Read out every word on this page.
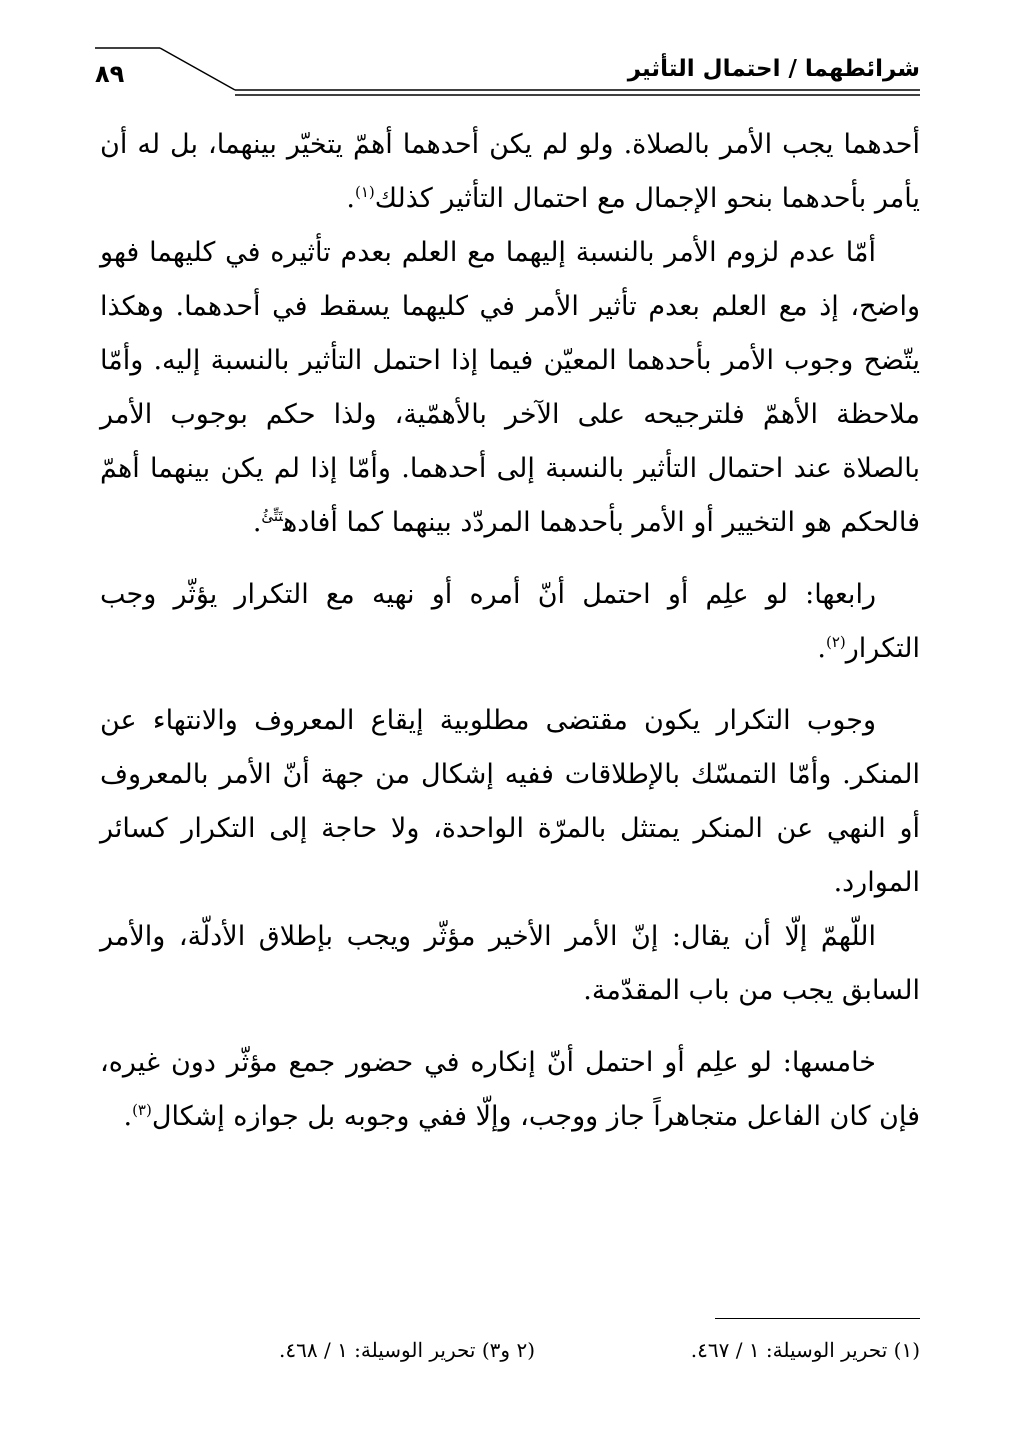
٨٩	شرائطهما / احتمال التأثير

أحدهما يجب الأمر بالصلاة. ولو لم يكن أحدهما أهمّ يتخيّر بينهما، بل له أن يأمر بأحدهما بنحو الإجمال مع احتمال التأثير كذلك$^{(١)}$.

أمّا عدم لزوم الأمر بالنسبة إليهما مع العلم بعدم تأثيره في كليهما فهو واضح، إذ مع العلم بعدم تأثير الأمر في كليهما يسقط في أحدهما. وهكذا يتّضح وجوب الأمر بأحدهما المعيّن فيما إذا احتمل التأثير بالنسبة إليه. وأمّا ملاحظة الأهمّ فلترجيحه على الآخر بالأهمّية، ولذا حكم بوجوب الأمر بالصلاة عند احتمال التأثير بالنسبة إلى أحدهما. وأمّا إذا لم يكن بينهما أهمّ فالحكم هو التخيير أو الأمر بأحدهما المردّد بينهما كما أفاده$^{تَتِّئُ}$.

رابعها: لو علِم أو احتمل أنّ أمره أو نهيه مع التكرار يؤثّر وجب التكرار$^{(٢)}$.

وجوب التكرار يكون مقتضى مطلوبية إيقاع المعروف والانتهاء عن المنكر. وأمّا التمسّك بالإطلاقات ففيه إشكال من جهة أنّ الأمر بالمعروف أو النهي عن المنكر يمتثل بالمرّة الواحدة، ولا حاجة إلى التكرار كسائر الموارد.

اللّهمّ إلّا أن يقال: إنّ الأمر الأخير مؤثّر ويجب بإطلاق الأدلّة، والأمر السابق يجب من باب المقدّمة.

خامسها: لو علِم أو احتمل أنّ إنكاره في حضور جمع مؤثّر دون غيره، فإن كان الفاعل متجاهراً جاز ووجب، وإلّا ففي وجوبه بل جوازه إشكال$^{(٣)}$.

(١) تحرير الوسيلة: ١ / ٤٦٧.
(٢ و٣) تحرير الوسيلة: ١ / ٤٦٨.
